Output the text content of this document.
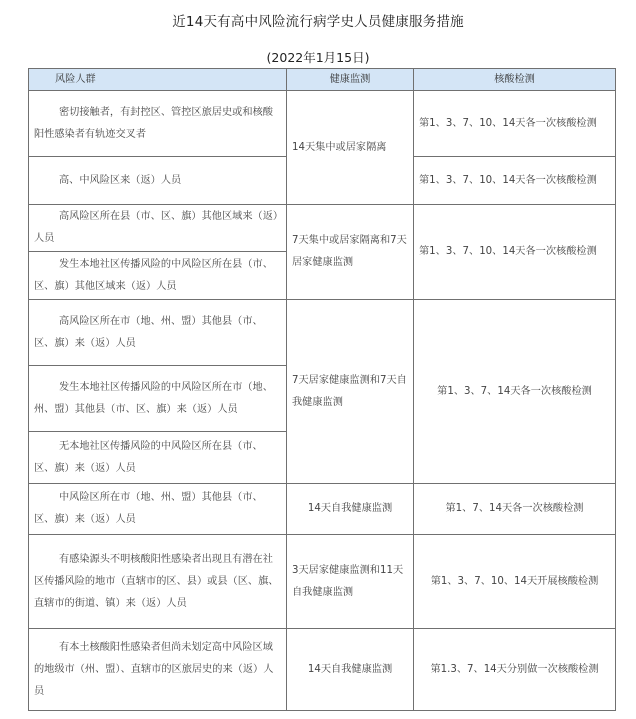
近14天有高中风险流行病学史人员健康服务措施
(2022年1月15日)
风险人群	健康监测	核酸检测
密切接触者，有封控区、管控区旅居史或和核酸阳性感染者有轨迹交叉者	14天集中或居家隔离	第1、3、7、10、14天各一次核酸检测
高、中风险区来（返）人员		第1、3、7、10、14天各一次核酸检测
高风险区所在县（市、区、旗）其他区域来（返）人员	7天集中或居家隔离和7天居家健康监测	第1、3、7、10、14天各一次核酸检测
发生本地社区传播风险的中风险区所在县（市、区、旗）其他区域来（返）人员		
高风险区所在市（地、州、盟）其他县（市、区、旗）来（返）人员	7天居家健康监测和7天自我健康监测	第1、3、7、14天各一次核酸检测
发生本地社区传播风险的中风险区所在市（地、州、盟）其他县（市、区、旗）来（返）人员		
无本地社区传播风险的中风险区所在县（市、区、旗）来（返）人员		
中风险区所在市（地、州、盟）其他县（市、区、旗）来（返）人员	14天自我健康监测	第1、7、14天各一次核酸检测
有感染源头不明核酸阳性感染者出现且有潜在社区传播风险的地市（直辖市的区、县）或县（区、旗、直辖市的街道、镇）来（返）人员	3天居家健康监测和11天自我健康监测	第1、3、7、10、14天开展核酸检测
有本土核酸阳性感染者但尚未划定高中风险区域的地级市（州、盟）、直辖市的区旅居史的来（返）人员	14天自我健康监测	第1.3、7、14天分别做一次核酸检测
